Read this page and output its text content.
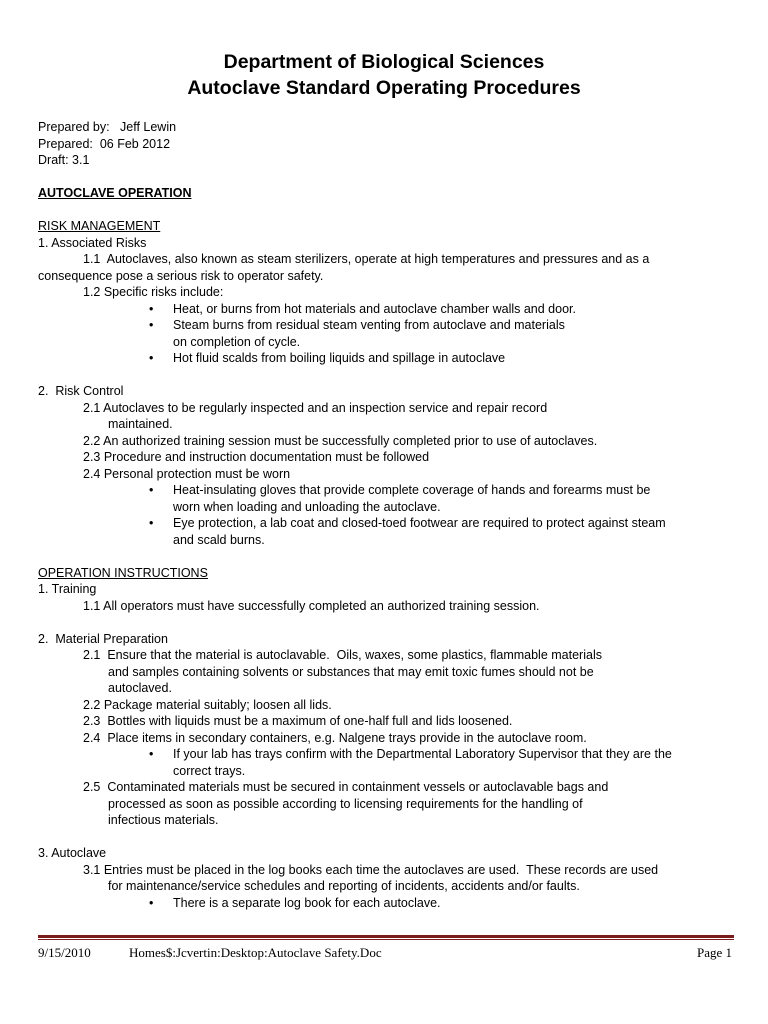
Department of Biological Sciences
Autoclave Standard Operating Procedures

Prepared by:   Jeff Lewin

Prepared:  06 Feb 2012

Draft: 3.1

AUTOCLAVE OPERATION

RISK MANAGEMENT

1. Associated Risks

1.1  Autoclaves, also known as steam sterilizers, operate at high temperatures and pressures and as a

consequence pose a serious risk to operator safety.

1.2 Specific risks include:

• Heat, or burns from hot materials and autoclave chamber walls and door.
• Steam burns from residual steam venting from autoclave and materials

on completion of cycle.

• Hot fluid scalds from boiling liquids and spillage in autoclave

2.  Risk Control

2.1 Autoclaves to be regularly inspected and an inspection service and repair record

maintained.

2.2 An authorized training session must be successfully completed prior to use of autoclaves.

2.3 Procedure and instruction documentation must be followed

2.4 Personal protection must be worn

• Heat-insulating gloves that provide complete coverage of hands and forearms must be

worn when loading and unloading the autoclave.

• Eye protection, a lab coat and closed-toed footwear are required to protect against steam

and scald burns.

OPERATION INSTRUCTIONS

1. Training

1.1 All operators must have successfully completed an authorized training session.

2.  Material Preparation

2.1  Ensure that the material is autoclavable.  Oils, waxes, some plastics, flammable materials

and samples containing solvents or substances that may emit toxic fumes should not be

autoclaved.

2.2 Package material suitably; loosen all lids.

2.3  Bottles with liquids must be a maximum of one-half full and lids loosened.

2.4  Place items in secondary containers, e.g. Nalgene trays provide in the autoclave room.

• If your lab has trays confirm with the Departmental Laboratory Supervisor that they are the

correct trays.

2.5  Contaminated materials must be secured in containment vessels or autoclavable bags and

processed as soon as possible according to licensing requirements for the handling of

infectious materials.

3. Autoclave

3.1 Entries must be placed in the log books each time the autoclaves are used.  These records are used

for maintenance/service schedules and reporting of incidents, accidents and/or faults.

• There is a separate log book for each autoclave.
9/15/2010	Homes$:Jcvertin:Desktop:Autoclave Safety.Doc	Page 1
